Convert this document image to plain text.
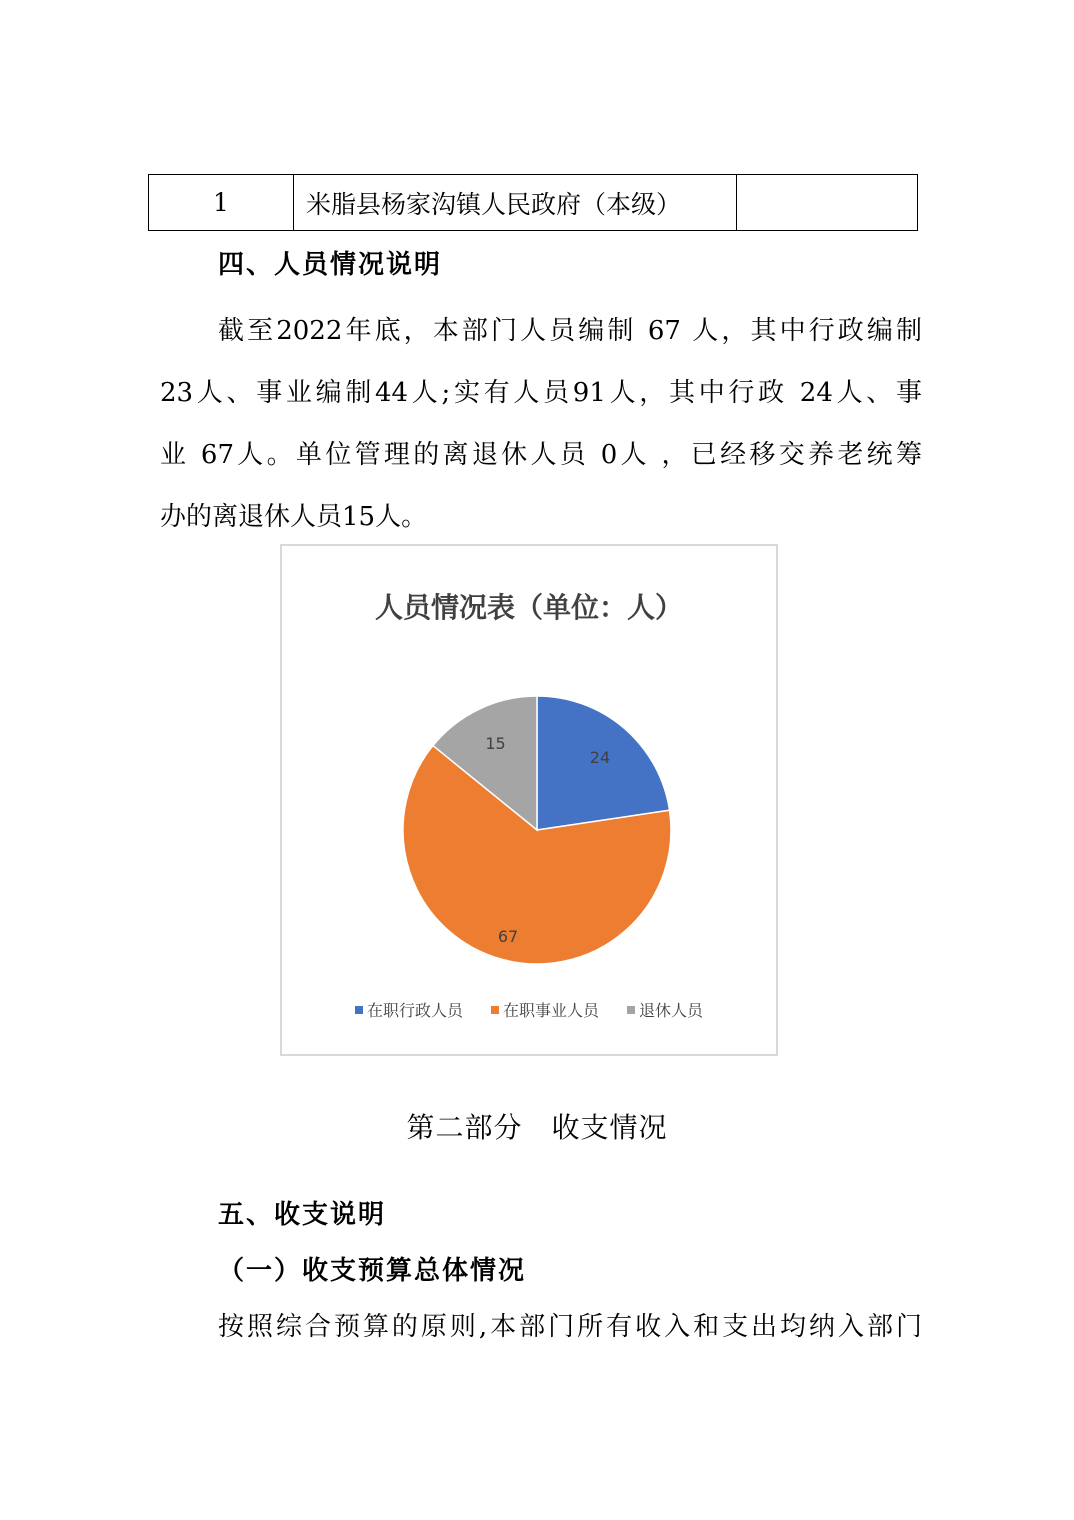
1	米脂县杨家沟镇人民政府（本级）
四、人员情况说明
截至2022年底，本部门人员编制 67 人，其中行政编制
23人、事业编制44人;实有人员91人，其中行政 24人、事
业 67人。单位管理的离退休人员 0人 ，已经移交养老统筹
办的离退休人员15人。
人员情况表（单位：人）
24
67
15
在职行政人员	在职事业人员	退休人员
第二部分　收支情况
五、收支说明
（一）收支预算总体情况
按照综合预算的原则,本部门所有收入和支出均纳入部门
